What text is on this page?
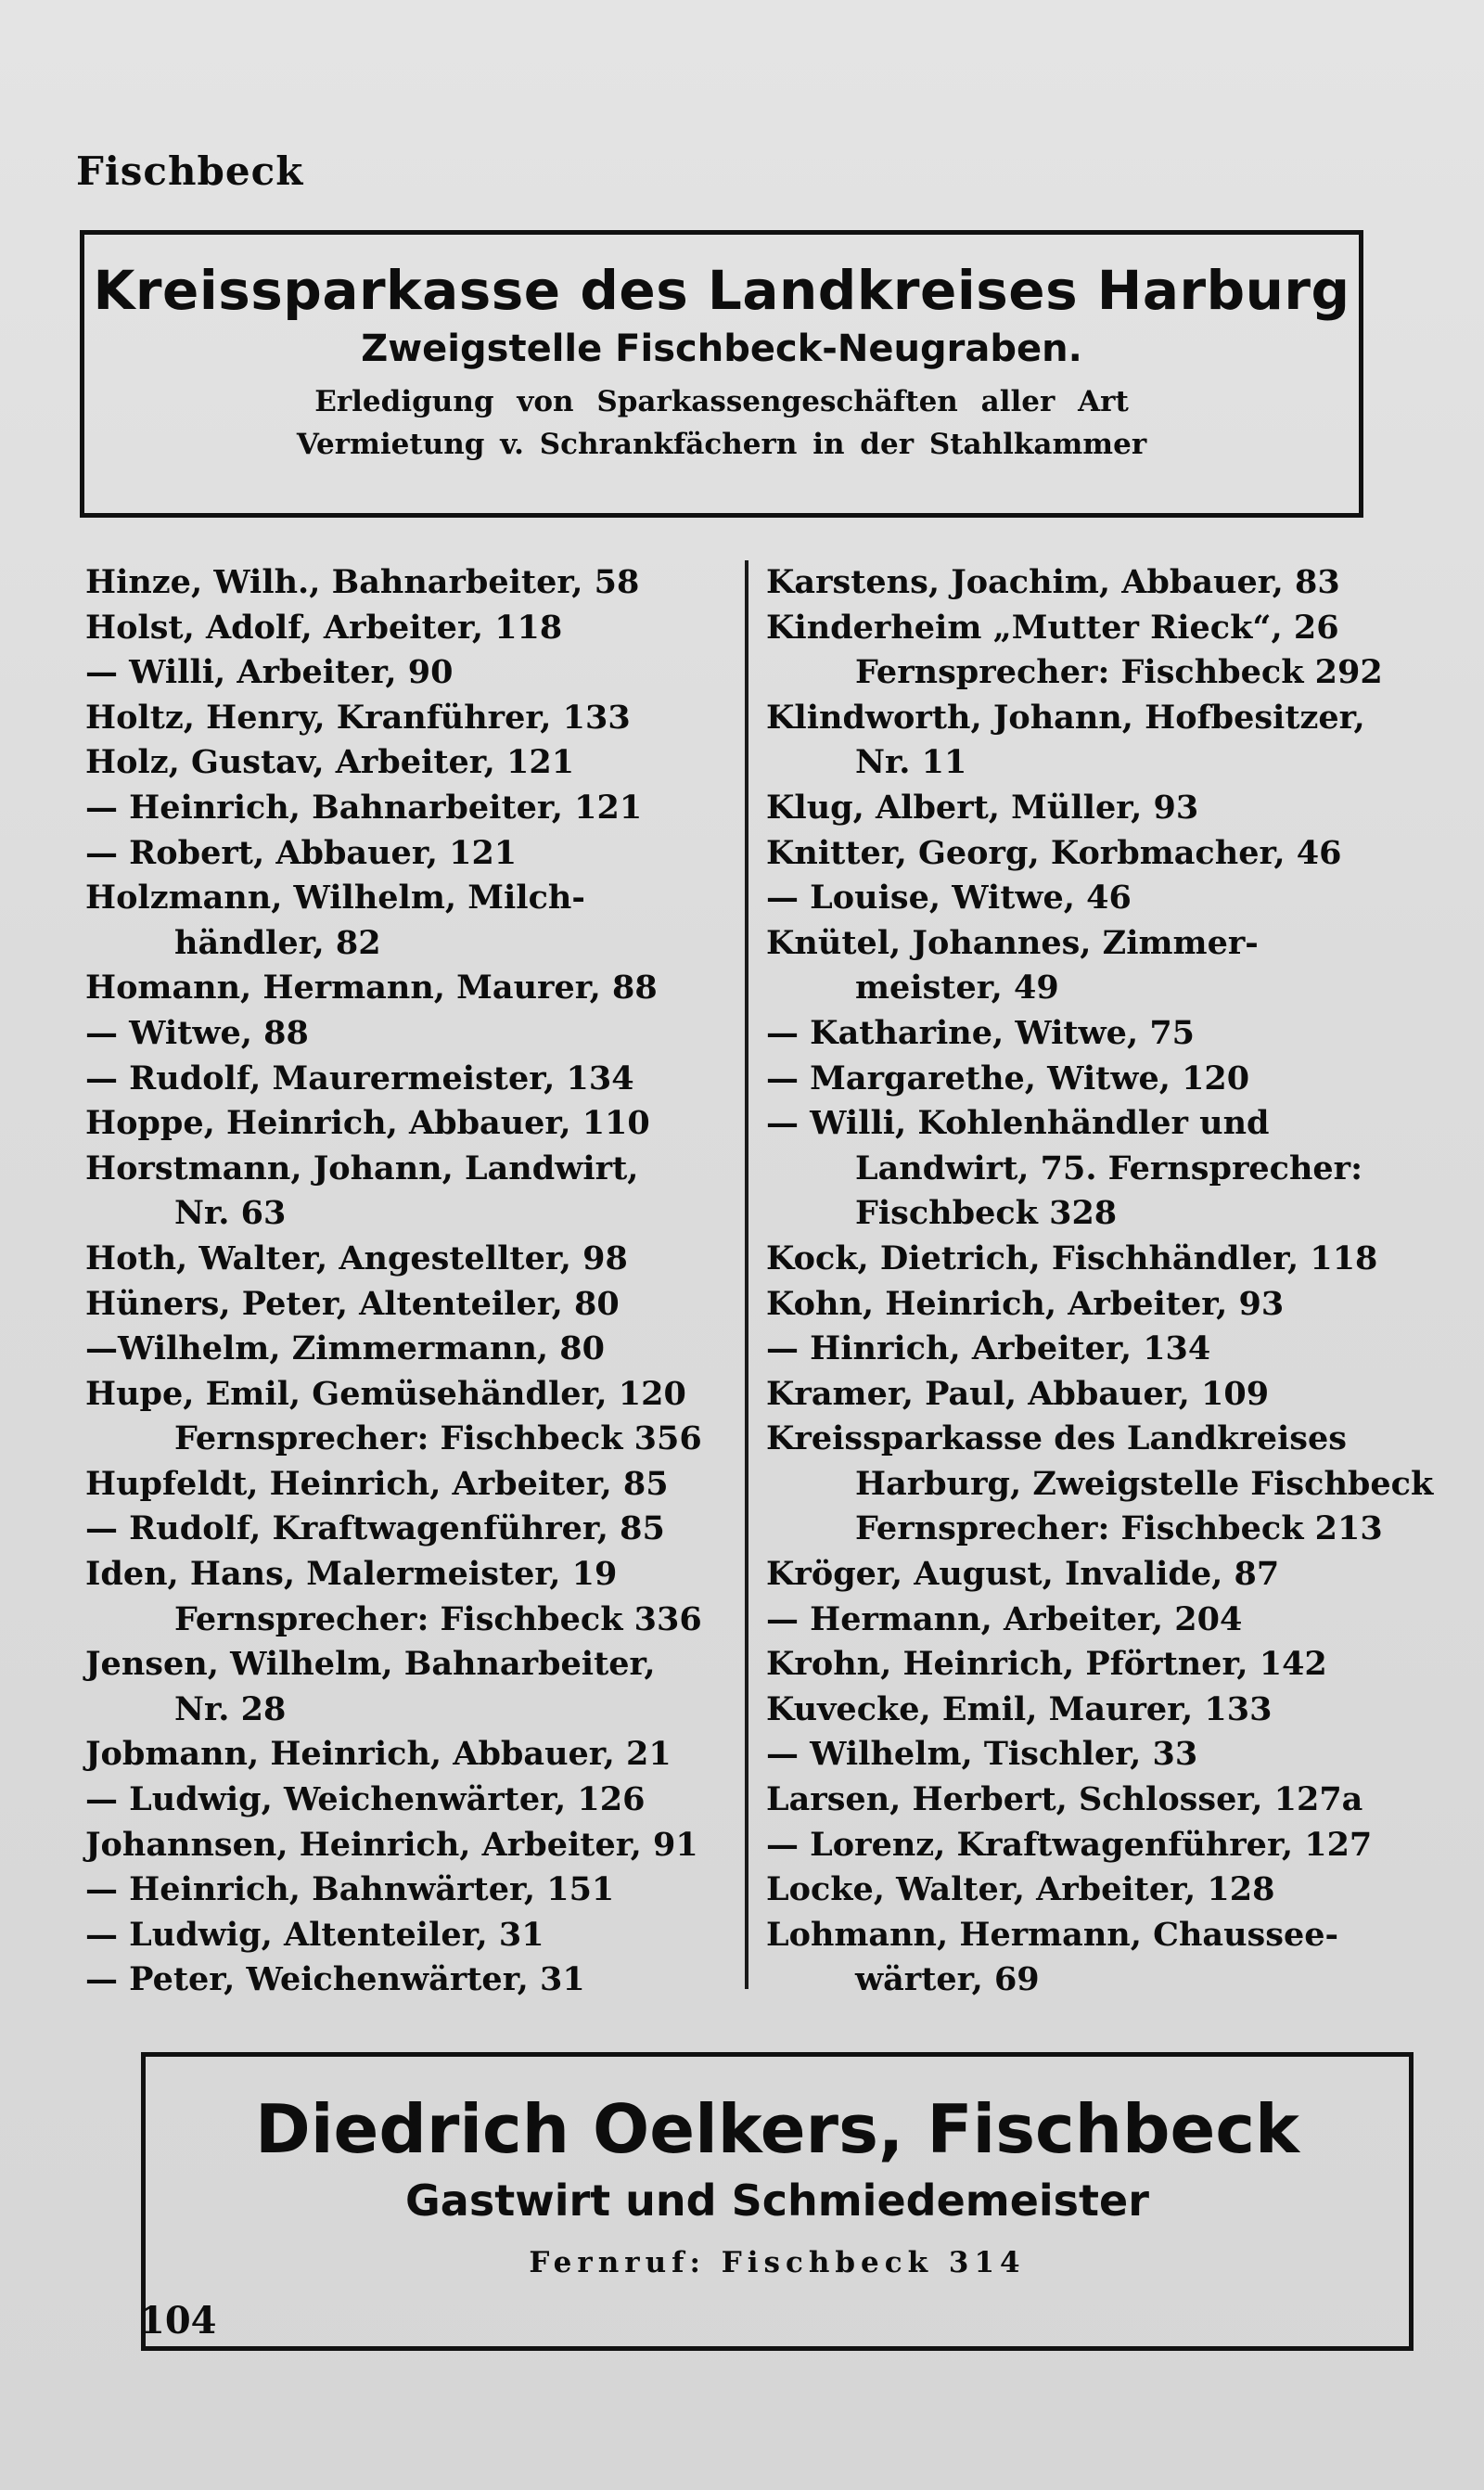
Fischbeck
Kreissparkasse des Landkreises Harburg
Zweigstelle Fischbeck-Neugraben.
Erledigung von Sparkassengeschäften aller Art
Vermietung v. Schrankfächern in der Stahlkammer
Hinze, Wilh., Bahnarbeiter, 58
Holst, Adolf, Arbeiter, 118
— Willi, Arbeiter, 90
Holtz, Henry, Kranführer, 133
Holz, Gustav, Arbeiter, 121
— Heinrich, Bahnarbeiter, 121
— Robert, Abbauer, 121
Holzmann, Wilhelm, Milch-
händler, 82
Homann, Hermann, Maurer, 88
— Witwe, 88
— Rudolf, Maurermeister, 134
Hoppe, Heinrich, Abbauer, 110
Horstmann, Johann, Landwirt,
Nr. 63
Hoth, Walter, Angestellter, 98
Hüners, Peter, Altenteiler, 80
—Wilhelm, Zimmermann, 80
Hupe, Emil, Gemüsehändler, 120
Fernsprecher: Fischbeck 356
Hupfeldt, Heinrich, Arbeiter, 85
— Rudolf, Kraftwagenführer, 85
Iden, Hans, Malermeister, 19
Fernsprecher: Fischbeck 336
Jensen, Wilhelm, Bahnarbeiter,
Nr. 28
Jobmann, Heinrich, Abbauer, 21
— Ludwig, Weichenwärter, 126
Johannsen, Heinrich, Arbeiter, 91
— Heinrich, Bahnwärter, 151
— Ludwig, Altenteiler, 31
— Peter, Weichenwärter, 31
Karstens, Joachim, Abbauer, 83
Kinderheim „Mutter Rieck“, 26
Fernsprecher: Fischbeck 292
Klindworth, Johann, Hofbesitzer,
Nr. 11
Klug, Albert, Müller, 93
Knitter, Georg, Korbmacher, 46
— Louise, Witwe, 46
Knütel, Johannes, Zimmer-
meister, 49
— Katharine, Witwe, 75
— Margarethe, Witwe, 120
— Willi, Kohlenhändler und
Landwirt, 75. Fernsprecher:
Fischbeck 328
Kock, Dietrich, Fischhändler, 118
Kohn, Heinrich, Arbeiter, 93
— Hinrich, Arbeiter, 134
Kramer, Paul, Abbauer, 109
Kreissparkasse des Landkreises
Harburg, Zweigstelle Fischbeck
Fernsprecher: Fischbeck 213
Kröger, August, Invalide, 87
— Hermann, Arbeiter, 204
Krohn, Heinrich, Pförtner, 142
Kuvecke, Emil, Maurer, 133
— Wilhelm, Tischler, 33
Larsen, Herbert, Schlosser, 127a
— Lorenz, Kraftwagenführer, 127
Locke, Walter, Arbeiter, 128
Lohmann, Hermann, Chaussee-
wärter, 69
Diedrich Oelkers, Fischbeck
Gastwirt und Schmiedemeister
Fernruf: Fischbeck 314
104
